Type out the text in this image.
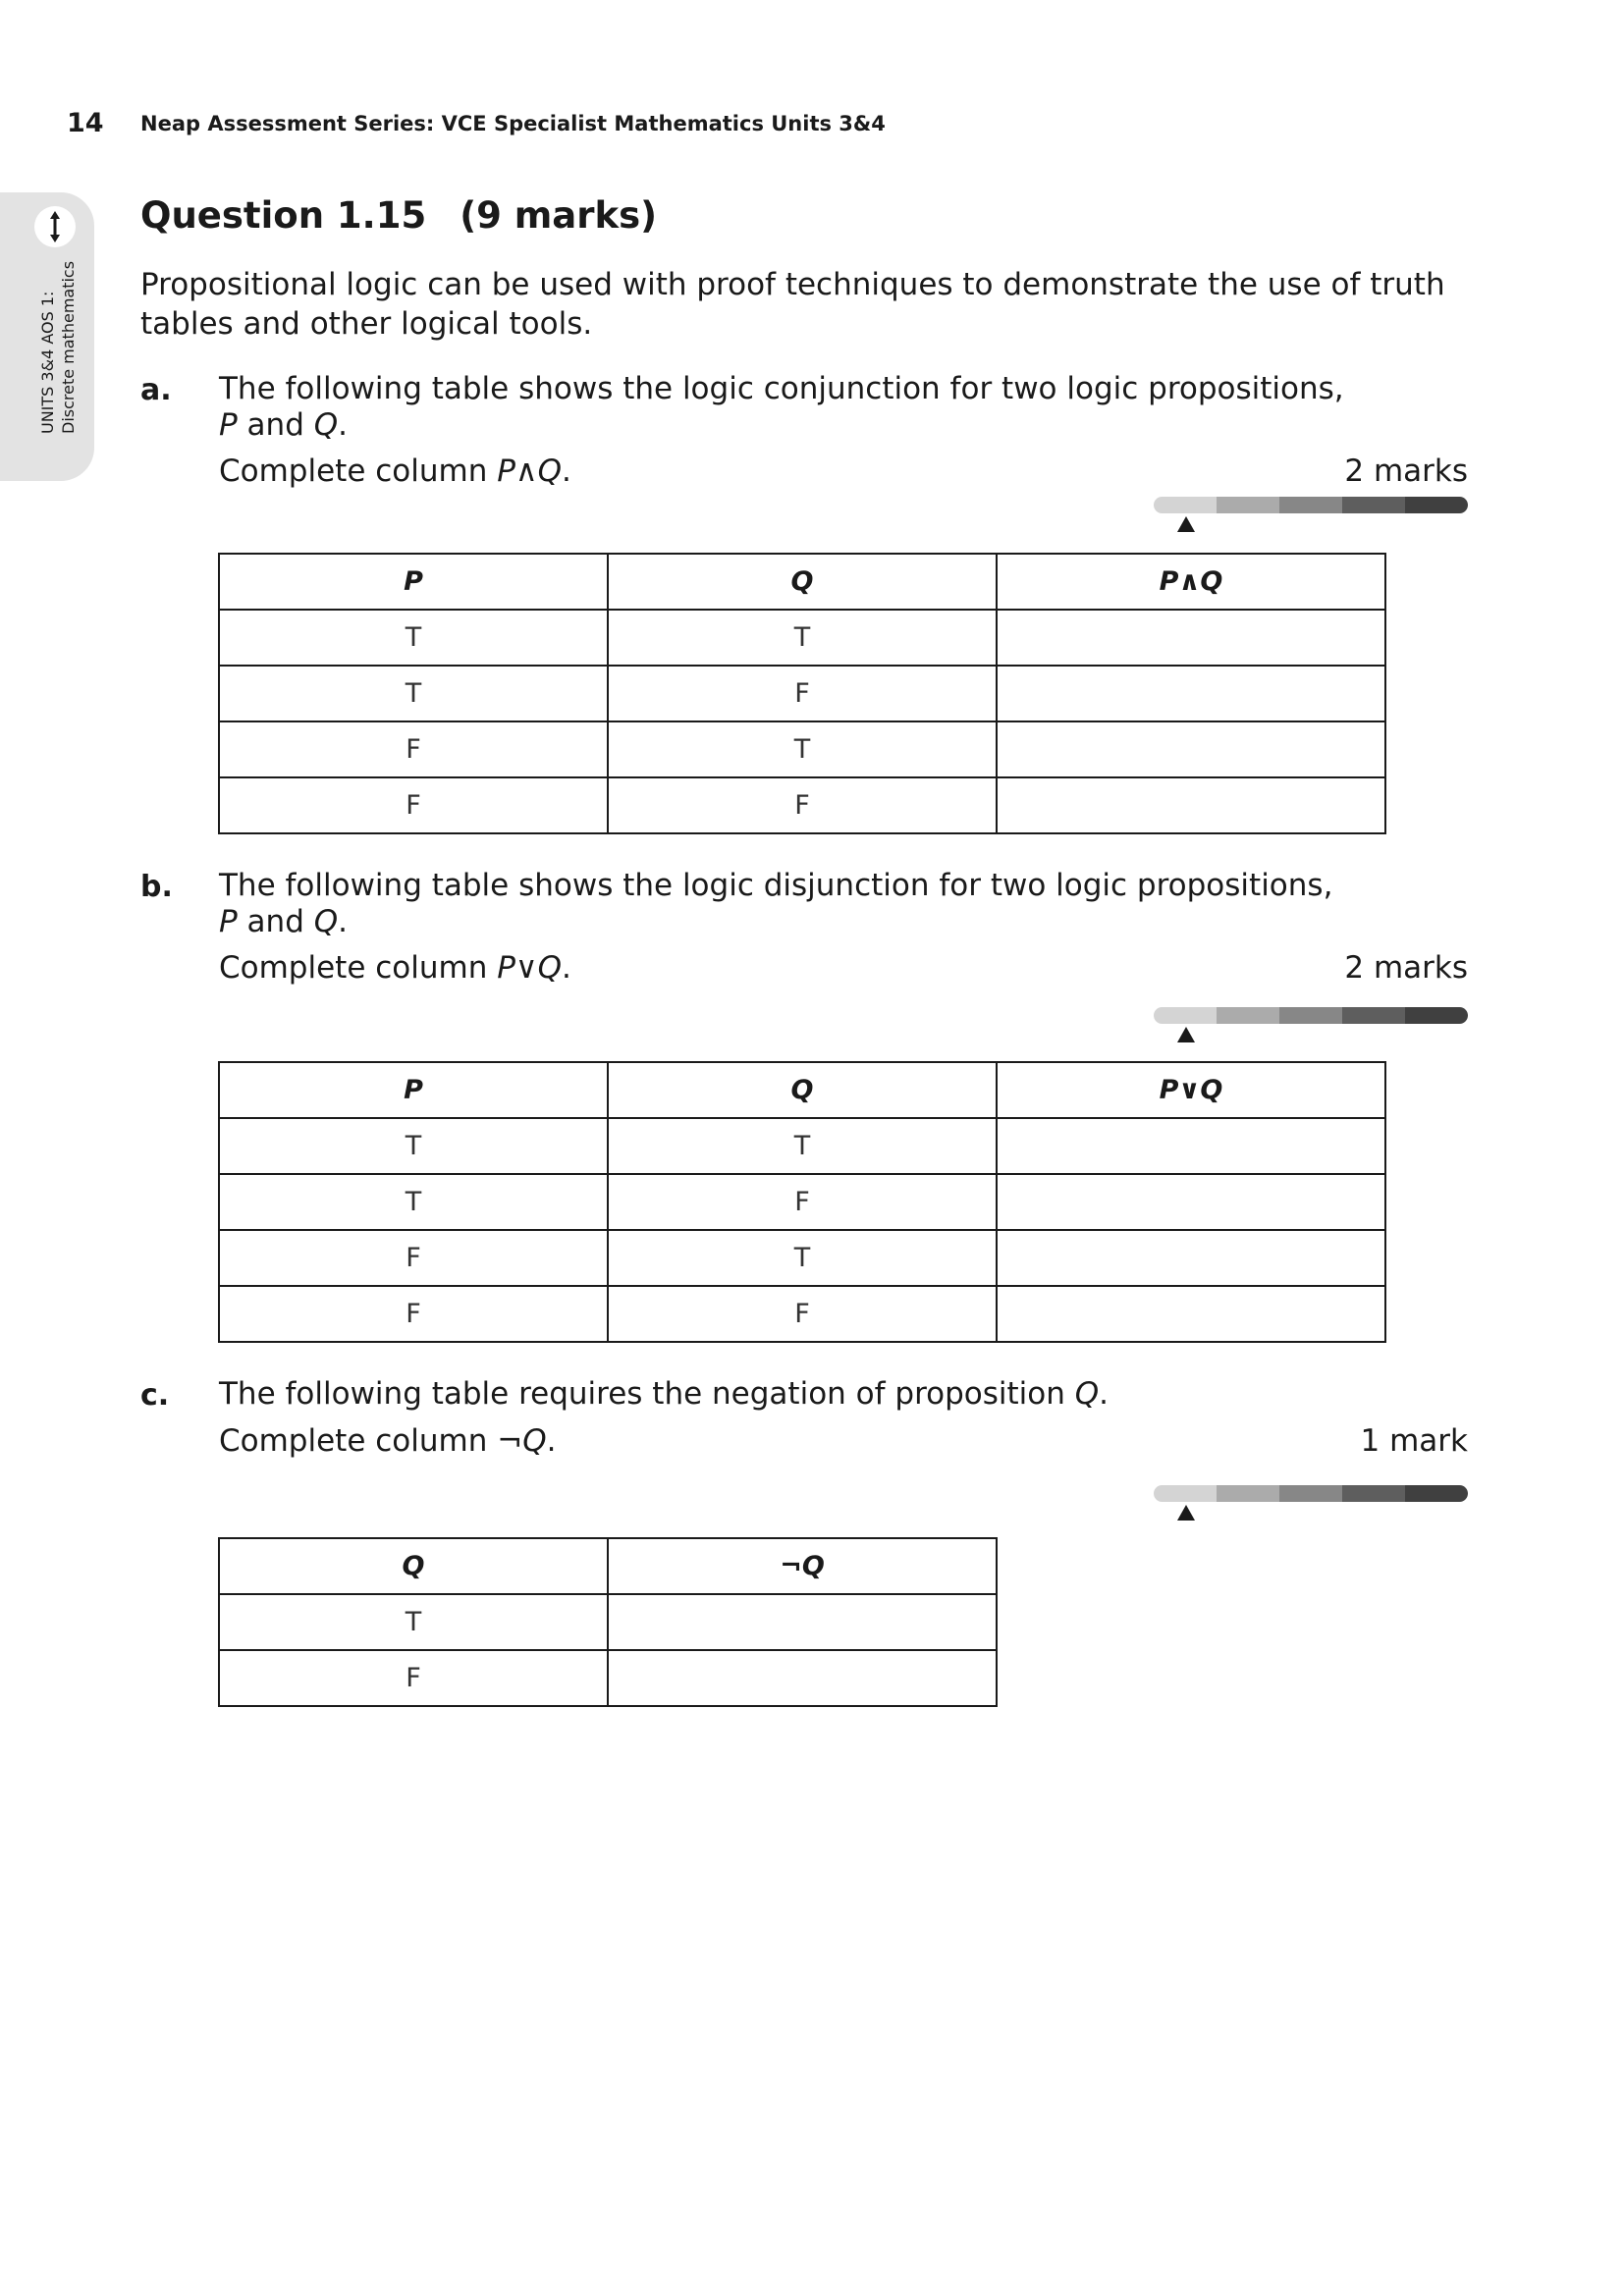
14 Neap Assessment Series: VCE Specialist Mathematics Units 3&4
UNITS 3&4 AOS 1: Discrete mathematics
Question 1.15 (9 marks)
Propositional logic can be used with proof techniques to demonstrate the use of truth tables and other logical tools.
a. The following table shows the logic conjunction for two logic propositions,
P and Q.
Complete column P∧Q.	2 marks
P	Q	P∧Q
T	T	
T	F	
F	T	
F	F	
b. The following table shows the logic disjunction for two logic propositions,
P and Q.
Complete column P∨Q.	2 marks
P	Q	P∨Q
T	T	
T	F	
F	T	
F	F	
c. The following table requires the negation of proposition Q.
Complete column ¬Q.	1 mark
Q	¬Q
T	
F	
